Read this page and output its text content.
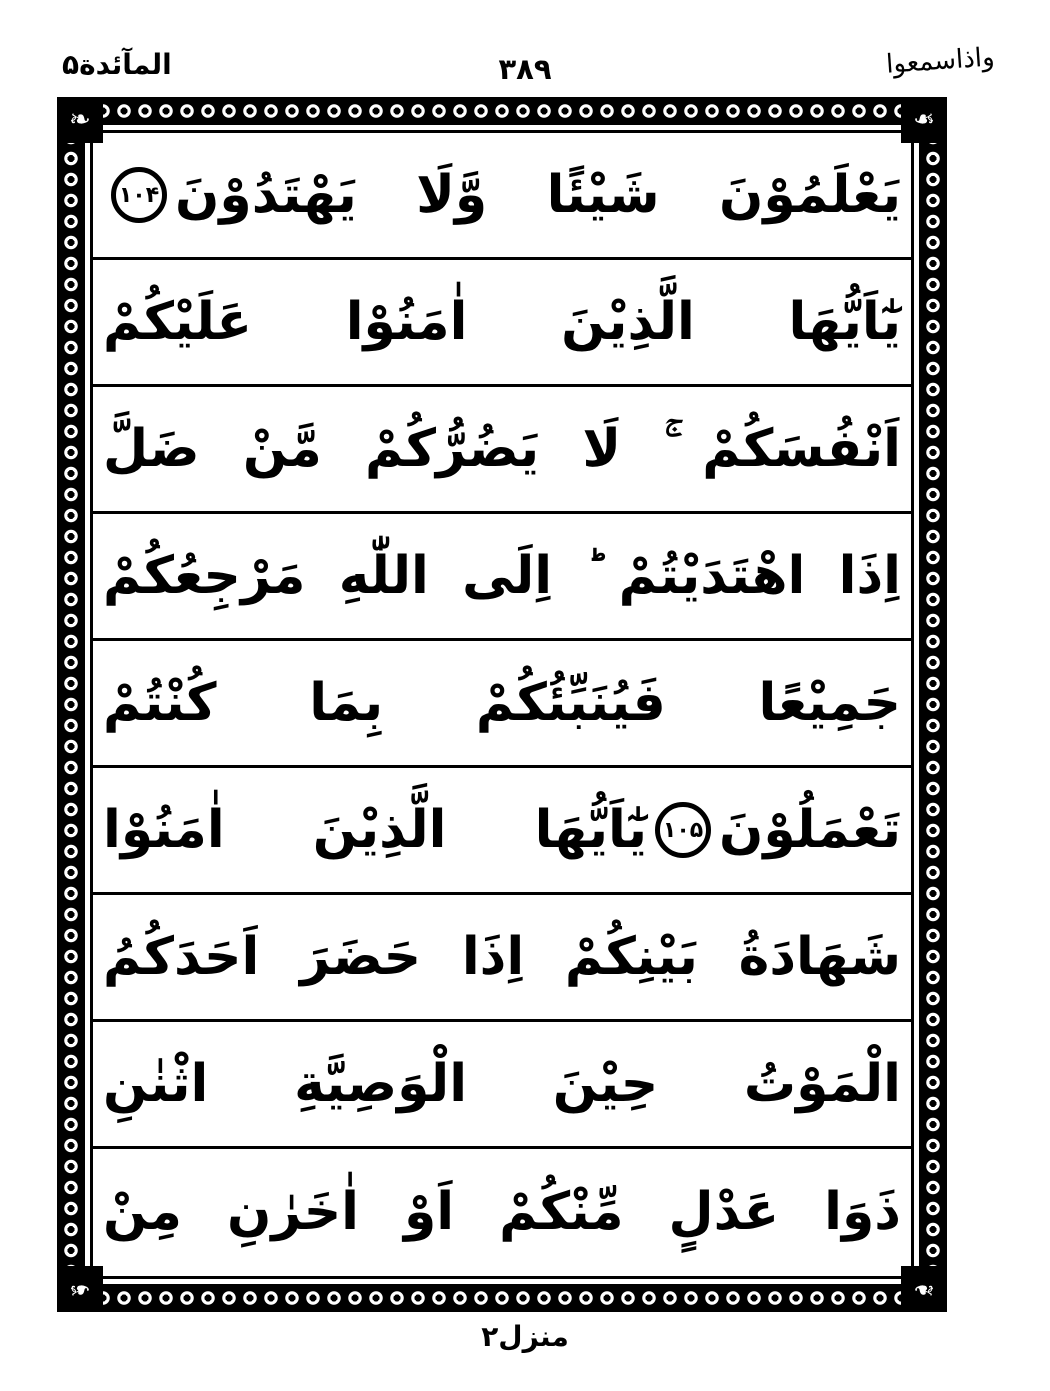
المآئدة۵	٣٨٩	واذاسمعوا
❧	❧
❧	❧
يَعْلَمُوْنَ شَيْئًا وَّلَا يَهْتَدُوْنَ
۱۰۴
يٰٓاَيُّهَا الَّذِيْنَ اٰمَنُوْا عَلَيْكُمْ
اَنْفُسَكُمْ ۚ لَا يَضُرُّكُمْ مَّنْ ضَلَّ
اِذَا اهْتَدَيْتُمْ ؕ اِلَى اللّٰهِ مَرْجِعُكُمْ
جَمِيْعًا فَيُنَبِّئُكُمْ بِمَا كُنْتُمْ
تَعْمَلُوْنَ
۱۰۵
يٰٓاَيُّهَا الَّذِيْنَ اٰمَنُوْا
شَهَادَةُ بَيْنِكُمْ اِذَا حَضَرَ اَحَدَكُمُ
الْمَوْتُ حِيْنَ الْوَصِيَّةِ اثْنٰنِ
ذَوَا عَدْلٍ مِّنْكُمْ اَوْ اٰخَرٰنِ مِنْ
منزل۲
